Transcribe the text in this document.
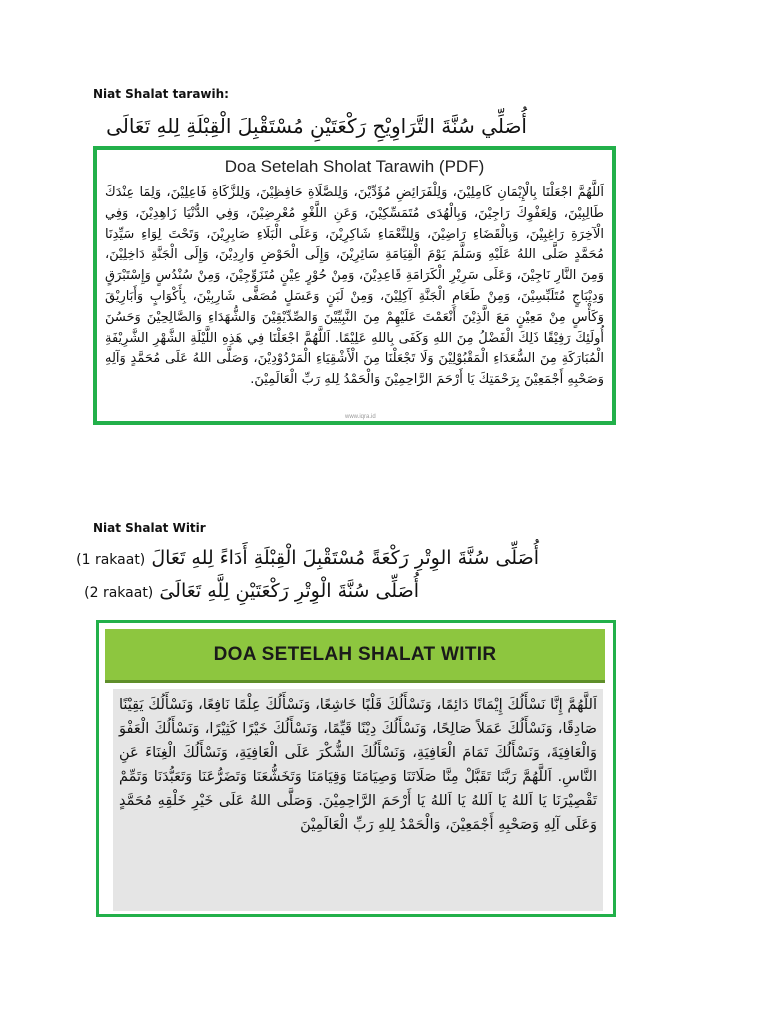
Niat Shalat tarawih:
أُصَلِّي سُنَّةَ التَّرَاوِيْحِ رَكْعَتَيْنِ مُسْتَقْبِلَ الْقِبْلَةِ لِلهِ تَعَالَى
Doa Setelah Sholat Tarawih (PDF)
اَللَّهُمَّ اجْعَلْنَا بِالْإِيْمَانِ كَامِلِيْنَ، وَلِلْفَرَائِضِ مُؤَدِّيْنَ، وَلِلصَّلَاةِ حَافِظِيْنَ، وَلِلزَّكَاةِ فَاعِلِيْنَ، وَلِمَا عِنْدَكَ طَالِبِيْنَ، وَلِعَفْوِكَ رَاجِيْنَ، وَبِالْهُدَى مُتَمَسِّكِيْنَ، وَعَنِ اللَّغْوِ مُعْرِضِيْنَ، وَفِي الدُّنْيَا زَاهِدِيْنَ، وَفِي الْآخِرَةِ رَاغِبِيْنَ، وَبِالْقَضَاءِ رَاضِيْنَ، وَلِلنَّعْمَاءِ شَاكِرِيْنَ، وَعَلَى الْبَلَاءِ صَابِرِيْنَ، وَتَحْتَ لِوَاءِ سَيِّدِنَا مُحَمَّدٍ صَلَّى اللهُ عَلَيْهِ وَسَلَّمَ يَوْمَ الْقِيَامَةِ سَائِرِيْنَ، وَإِلَى الْحَوْضِ وَارِدِيْنَ، وَإِلَى الْجَنَّةِ دَاخِلِيْنَ، وَمِنَ النَّارِ نَاجِيْنَ، وَعَلَى سَرِيْرِ الْكَرَامَةِ قَاعِدِيْنَ، وَمِنْ حُوْرٍ عِيْنٍ مُتَزَوِّجِيْنَ، وَمِنْ سُنْدُسٍ وَإِسْتَبْرَقٍ وَدِيْبَاجٍ مُتَلَبِّسِيْنَ، وَمِنْ طَعَامِ الْجَنَّةِ آكِلِيْنَ، وَمِنْ لَبَنٍ وَعَسَلٍ مُصَفًّى شَارِبِيْنَ، بِأَكْوَابٍ وَأَبَارِيْقَ وَكَأْسٍ مِنْ مَعِيْنٍ مَعَ الَّذِيْنَ أَنْعَمْتَ عَلَيْهِمْ مِنَ النَّبِيِّيْنَ وَالصِّدِّيْقِيْنَ وَالشُّهَدَاءِ وَالصَّالِحِيْنَ وَحَسُنَ أُولَئِكَ رَفِيْقًا ذَلِكَ الْفَضْلُ مِنَ اللهِ وَكَفَى بِاللهِ عَلِيْمًا. اَللَّهُمَّ اجْعَلْنَا فِي هَذِهِ اللَّيْلَةِ الشَّهْرِ الشَّرِيْفَةِ الْمُبَارَكَةِ مِنَ السُّعَدَاءِ الْمَقْبُوْلِيْنَ وَلَا تَجْعَلْنَا مِنَ الْأَشْقِيَاءِ الْمَرْدُوْدِيْنَ، وَصَلَّى اللهُ عَلَى مُحَمَّدٍ وَآلِهِ وَصَحْبِهِ أَجْمَعِيْنَ بِرَحْمَتِكَ يَا أَرْحَمَ الرَّاحِمِيْنَ وَالْحَمْدُ لِلهِ رَبِّ الْعَالَمِيْنَ.
www.iqra.id
Niat Shalat Witir
أُصَلِّى سُنَّةَ الوِتْرِ رَكْعَةً مُسْتَقْبِلَ الْقِبْلَةِ أَدَاءً لِلهِ تَعَالَ (1 rakaat)
أُصَلِّى سُنَّةَ الْوِتْرِ رَكْعَتَيْنِ لِلَّهِ تَعَالَىَ (2 rakaat)
DOA SETELAH SHALAT WITIR
اَللَّهُمَّ إِنَّا نَسْأَلُكَ إِيْمَانًا دَائِمًا، وَنَسْأَلُكَ قَلْبًا خَاشِعًا، وَنَسْأَلُكَ عِلْمًا نَافِعًا، وَنَسْأَلُكَ يَقِيْنًا صَادِقًا، وَنَسْأَلُكَ عَمَلاً صَالِحًا، وَنَسْأَلُكَ دِيْنًا قَيِّمًا، وَنَسْأَلُكَ خَيْرًا كَثِيْرًا، وَنَسْأَلُكَ الْعَفْوَ وَالْعَافِيَةَ، وَنَسْأَلُكَ تَمَامَ الْعَافِيَةِ، وَنَسْأَلُكَ الشُّكْرَ عَلَى الْعَافِيَةِ، وَنَسْأَلُكَ الْغِنَاءَ عَنِ النَّاسِ. اَللَّهُمَّ رَبَّنَا تَقَبَّلْ مِنَّا صَلَاتَنَا وَصِيَامَنَا وَقِيَامَنَا وَتَخَشُّعَنَا وَتَضَرُّعَنَا وَتَعَبُّدَنَا وَتَمِّمْ تَقْصِيْرَنَا يَا اَللهُ يَا اَللهُ يَا اَللهُ يَا أَرْحَمَ الرَّاحِمِيْنَ. وَصَلَّى اللهُ عَلَى خَيْرِ خَلْقِهِ مُحَمَّدٍ وَعَلَى آلِهِ وَصَحْبِهِ أَجْمَعِيْنَ، وَالْحَمْدُ لِلهِ رَبِّ الْعَالَمِيْنَ
